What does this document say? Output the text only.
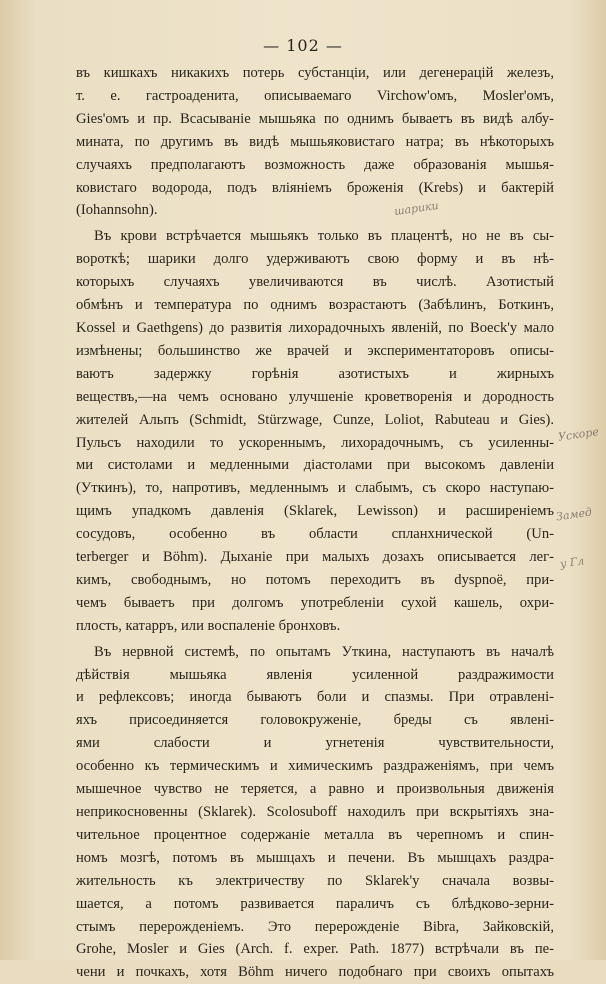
— 102 —
въ кишкахъ никакихъ потерь субстанціи, или дегенерацій железъ,
т. е. гастроаденита, описываемаго Virchow'омъ, Mosler'омъ,
Gies'омъ и пр. Всасываніе мышьяка по однимъ бываетъ въ видѣ албу-
мината, по другимъ въ видѣ мышьяковистаго натра; въ нѣкоторыхъ
случаяхъ предполагаютъ возможность даже образованія мышья-
ковистаго водорода, подъ вліяніемъ броженія (Krebs) и бактерій
(Iohannsohn).
Въ крови встрѣчается мышьякъ только въ плацентѣ, но не въ сы-
вороткѣ; шарики долго удерживаютъ свою форму и въ нѣ-
которыхъ случаяхъ увеличиваются въ числѣ. Азотистый
обмѣнъ и температура по однимъ возрастаютъ (Забѣлинъ, Боткинъ,
Kossel и Gaethgens) до развитія лихорадочныхъ явленій, по Boeck'у мало
измѣнены; большинство же врачей и экспериментаторовъ описы-
ваютъ задержку горѣнія азотистыхъ и жирныхъ
веществъ,—на чемъ основано улучшеніе кроветворенія и дородность
жителей Альпъ (Schmidt, Stürzwage, Cunze, Loliot, Rabuteau и Gies).
Пульсъ находили то ускореннымъ, лихорадочнымъ, съ усиленны-
ми систолами и медленными діастолами при высокомъ давленіи
(Уткинъ), то, напротивъ, медленнымъ и слабымъ, съ скоро наступаю-
щимъ упадкомъ давленія (Sklarek, Lewisson) и расширеніемъ
сосудовъ, особенно въ области спланхнической (Un-
terberger и Böhm). Дыханіе при малыхъ дозахъ описывается лег-
кимъ, свободнымъ, но потомъ переходитъ въ dyspnoë, при-
чемъ бываетъ при долгомъ употребленіи сухой кашель, охри-
плость, катарръ, или воспаленіе бронховъ.
Въ нервной системѣ, по опытамъ Уткина, наступаютъ въ началѣ
дѣйствія мышьяка явленія усиленной раздражимости
и рефлексовъ; иногда бываютъ боли и спазмы. При отравлені-
яхъ присоединяется головокруженіе, бреды съ явленi-
ями слабости и угнетенія чувствительности,
особенно къ термическимъ и химическимъ раздраженіямъ, при чемъ
мышечное чувство не теряется, а равно и произвольныя движенія
неприкосновенны (Sklarek). Scolosuboff находилъ при вскрытіяхъ зна-
чительное процентное содержаніе металла въ черепномъ и спин-
номъ мозгѣ, потомъ въ мышцахъ и печени. Въ мышцахъ раздра-
жительность къ электричеству по Sklarek'у сначала возвы-
шается, а потомъ развивается параличъ съ блѣдково-зерни-
стымъ перерожденіемъ. Это перерожденіе Bibra, Зайковскій,
Grohe, Mosler и Gies (Arch. f. exper. Path. 1877) встрѣчали въ пе-
чени и почкахъ, хотя Böhm ничего подобнаго при своихъ опытахъ
шарики
Ускоре
Замед
у Гл
